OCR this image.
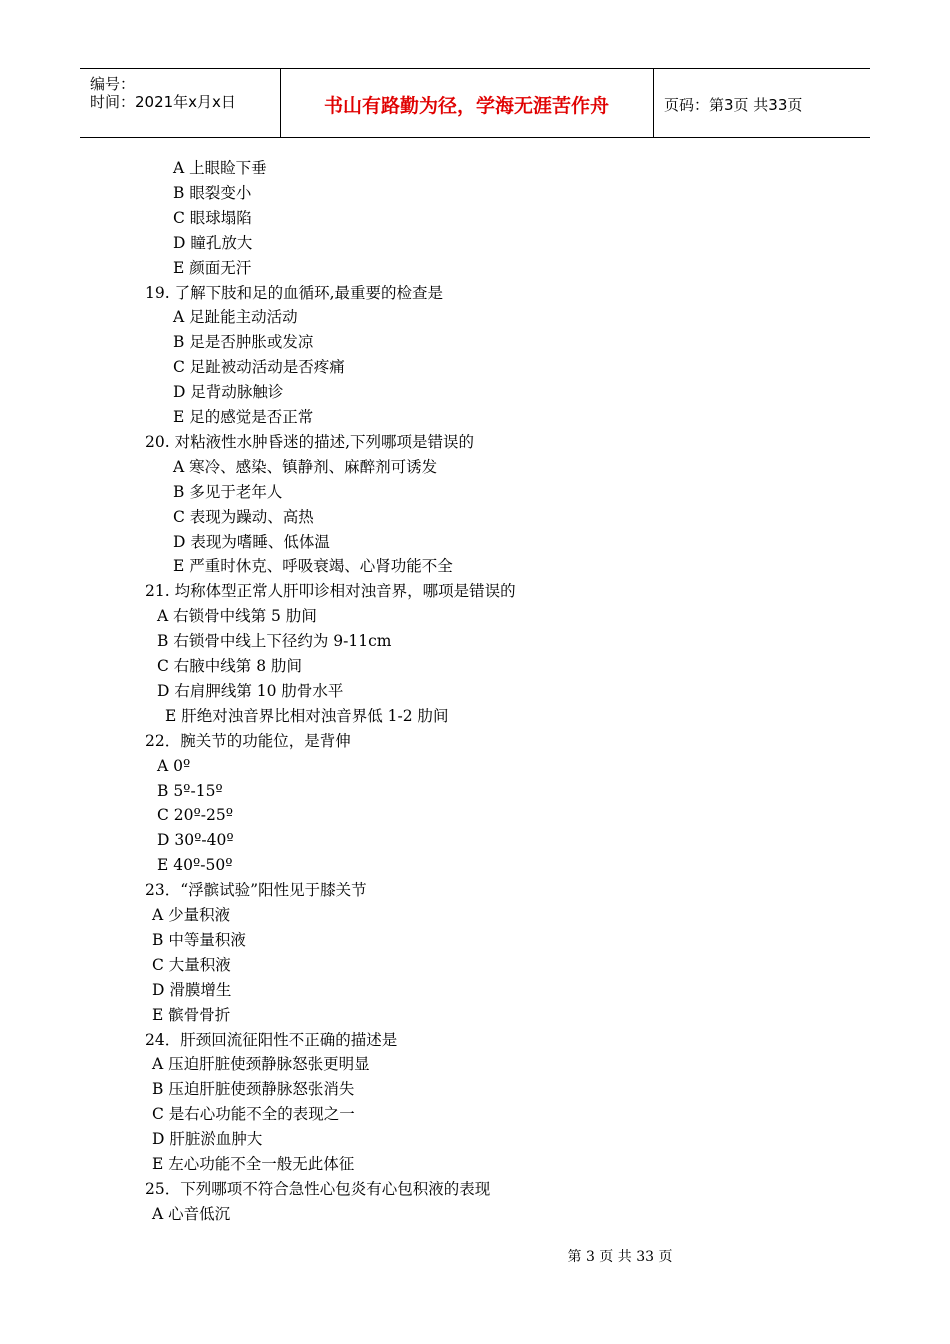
编号：
时间：2021年x月x日	书山有路勤为径，学海无涯苦作舟	页码：第3页 共33页
A 上眼睑下垂
B 眼裂变小
C 眼球塌陷
D 瞳孔放大
E 颜面无汗
19. 了解下肢和足的血循环,最重要的检查是
A 足趾能主动活动
B 足是否肿胀或发凉
C 足趾被动活动是否疼痛
D 足背动脉触诊
E 足的感觉是否正常
20. 对粘液性水肿昏迷的描述,下列哪项是错误的
A 寒冷、感染、镇静剂、麻醉剂可诱发
B 多见于老年人
C 表现为躁动、高热
D 表现为嗜睡、低体温
E 严重时休克、呼吸衰竭、心肾功能不全
21. 均称体型正常人肝叩诊相对浊音界，哪项是错误的
A 右锁骨中线第 5 肋间
B 右锁骨中线上下径约为 9-11cm
C 右腋中线第 8 肋间
D 右肩胛线第 10 肋骨水平
E 肝绝对浊音界比相对浊音界低 1-2 肋间
22．腕关节的功能位，是背伸
A 0º
B 5º-15º
C 20º-25º
D 30º-40º
E 40º-50º
23．“浮髌试验”阳性见于膝关节
A 少量积液
B 中等量积液
C 大量积液
D 滑膜增生
E 髌骨骨折
24．肝颈回流征阳性不正确的描述是
A 压迫肝脏使颈静脉怒张更明显
B 压迫肝脏使颈静脉怒张消失
C 是右心功能不全的表现之一
D 肝脏淤血肿大
E 左心功能不全一般无此体征
25．下列哪项不符合急性心包炎有心包积液的表现
A 心音低沉
第 3 页 共 33 页
